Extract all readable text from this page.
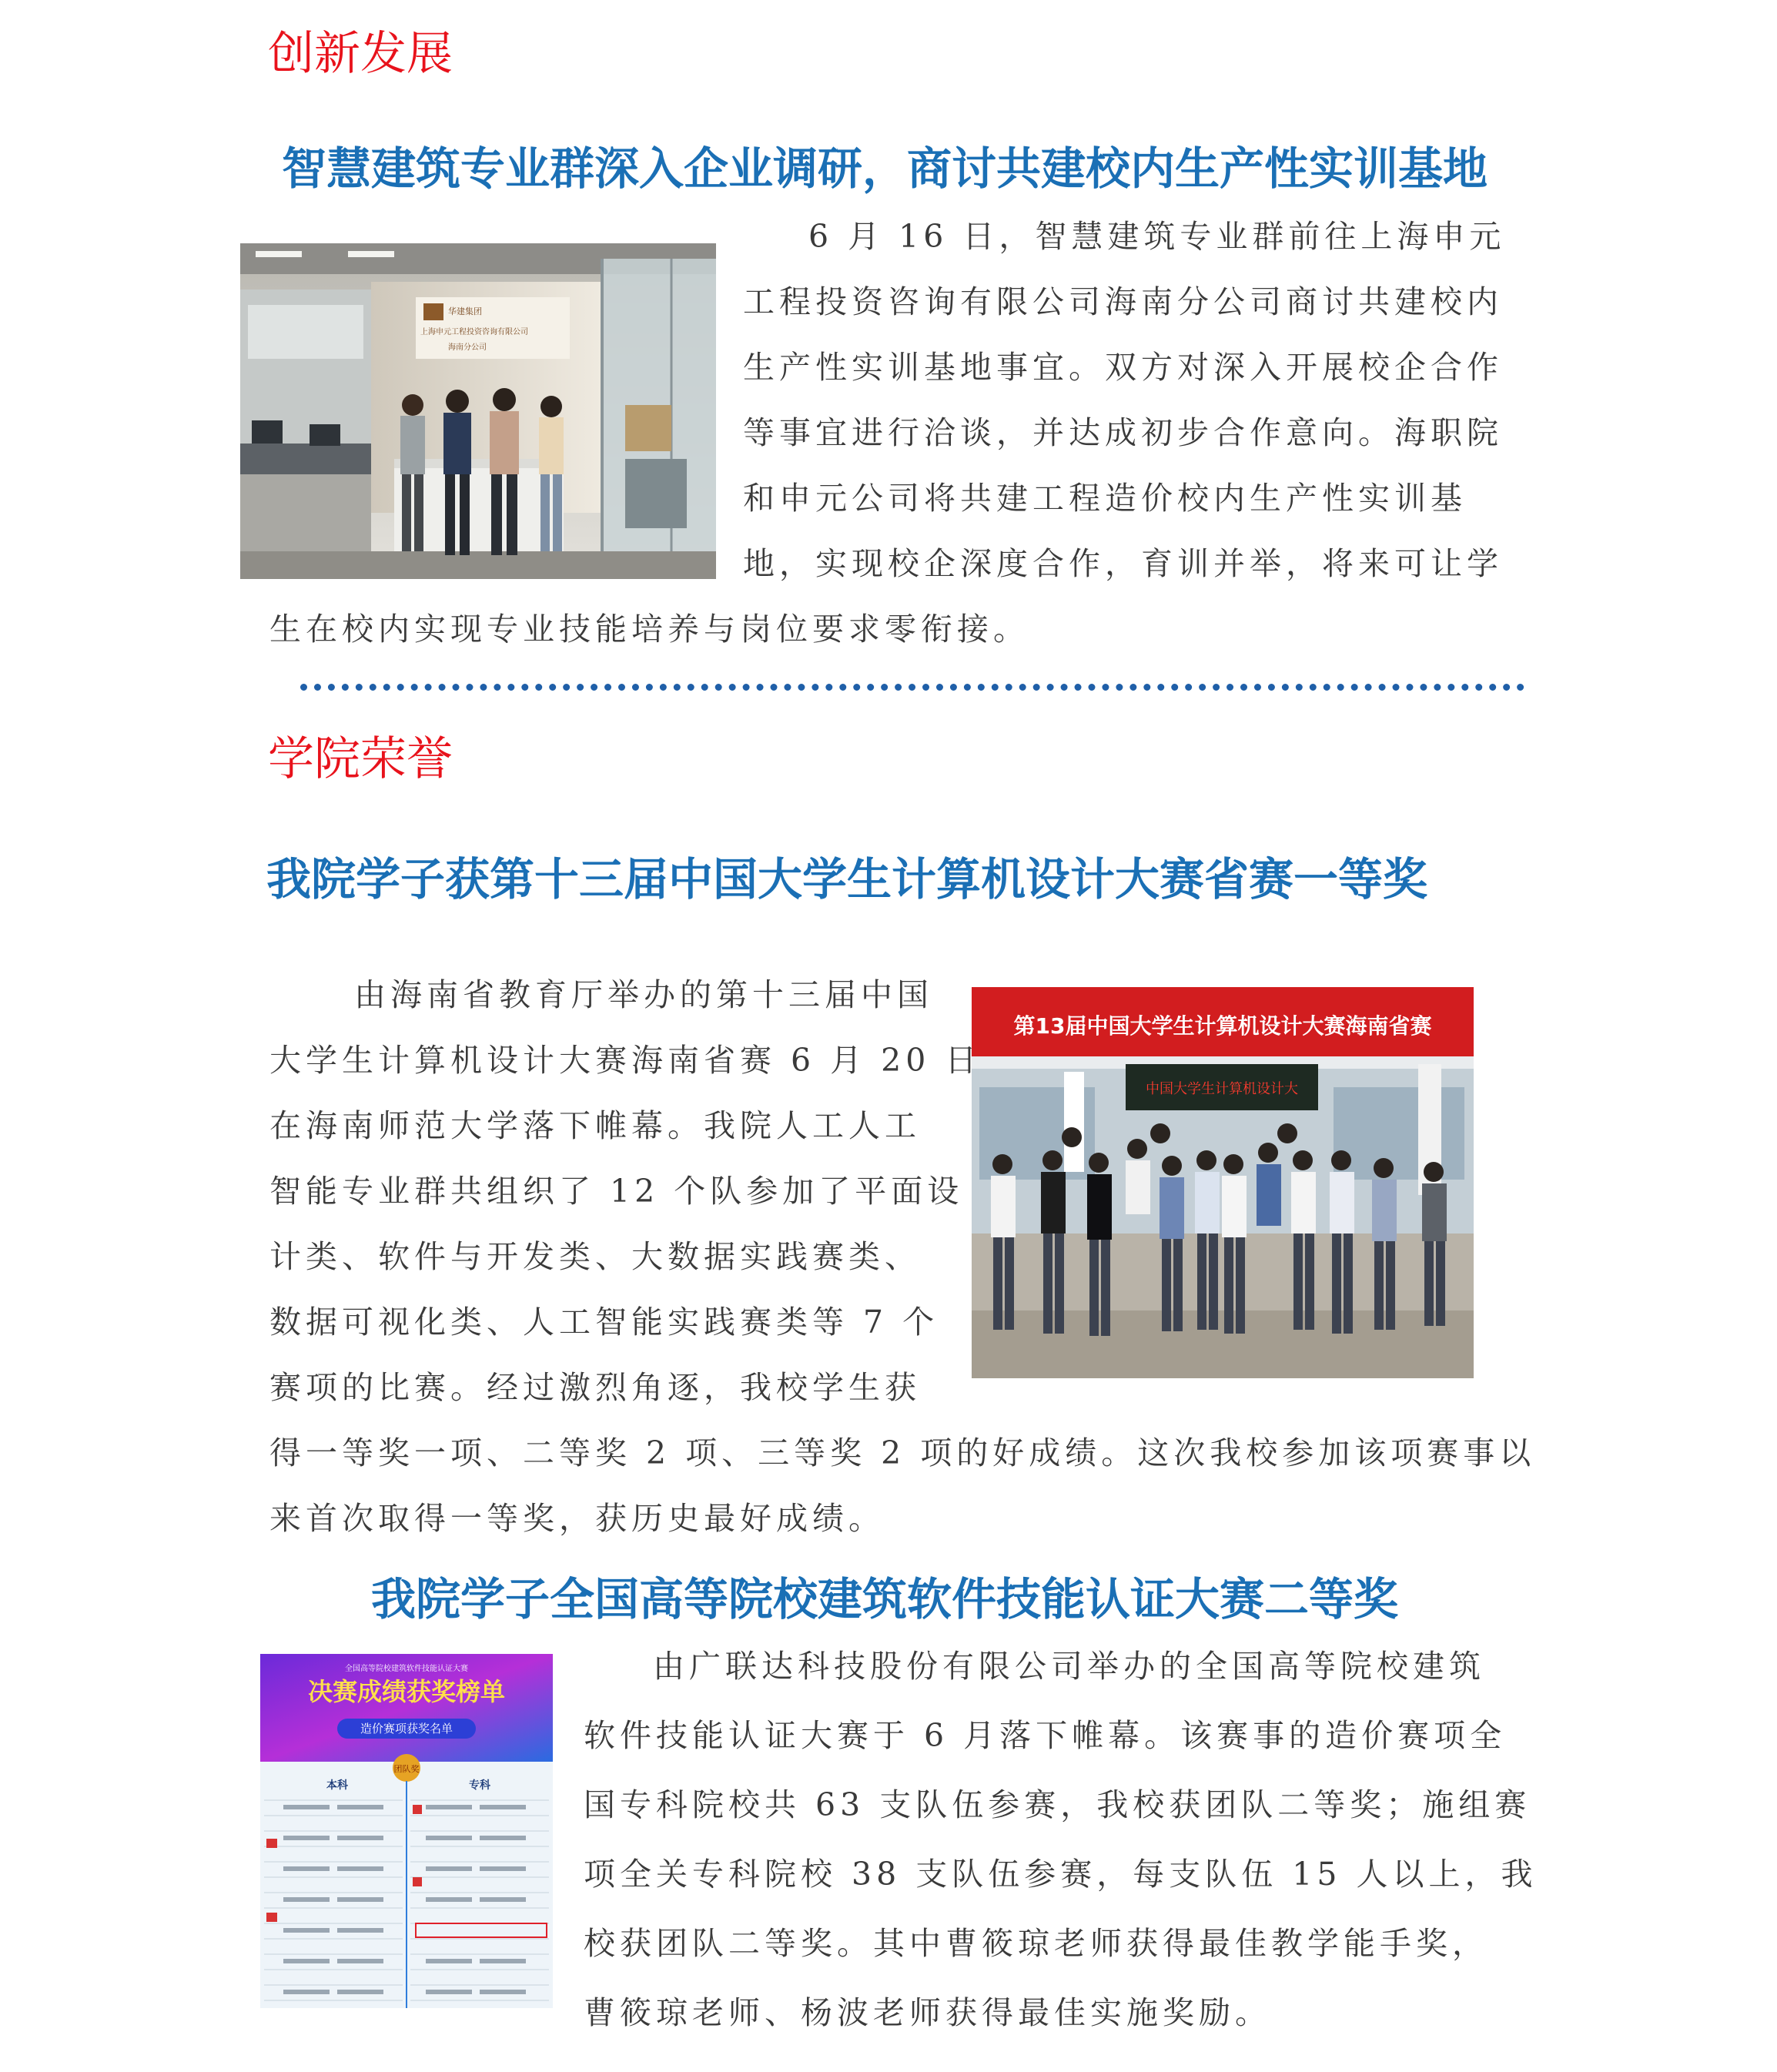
创新发展
智慧建筑专业群深入企业调研，商讨共建校内生产性实训基地
华建集团
上海申元工程投资咨询有限公司
海南分公司
6 月 16 日，智慧建筑专业群前往上海申元
工程投资咨询有限公司海南分公司商讨共建校内
生产性实训基地事宜。双方对深入开展校企合作
等事宜进行洽谈，并达成初步合作意向。海职院
和申元公司将共建工程造价校内生产性实训基
地，实现校企深度合作，育训并举，将来可让学
生在校内实现专业技能培养与岗位要求零衔接。
学院荣誉
我院学子获第十三届中国大学生计算机设计大赛省赛一等奖
第13届中国大学生计算机设计大赛海南省赛
中国大学生计算机设计大
由海南省教育厅举办的第十三届中国
大学生计算机设计大赛海南省赛 6 月 20 日
在海南师范大学落下帷幕。我院人工人工
智能专业群共组织了 12 个队参加了平面设
计类、软件与开发类、大数据实践赛类、
数据可视化类、人工智能实践赛类等 7 个
赛项的比赛。经过激烈角逐，我校学生获
得一等奖一项、二等奖 2 项、三等奖 2 项的好成绩。这次我校参加该项赛事以
来首次取得一等奖，获历史最好成绩。
我院学子全国高等院校建筑软件技能认证大赛二等奖
全国高等院校建筑软件技能认证大赛
决赛成绩获奖榜单
造价赛项获奖名单
团队奖
本科	专科
由广联达科技股份有限公司举办的全国高等院校建筑
软件技能认证大赛于 6 月落下帷幕。该赛事的造价赛项全
国专科院校共 63 支队伍参赛，我校获团队二等奖；施组赛
项全关专科院校 38 支队伍参赛，每支队伍 15 人以上，我
校获团队二等奖。其中曹筱琼老师获得最佳教学能手奖，
曹筱琼老师、杨波老师获得最佳实施奖励。
